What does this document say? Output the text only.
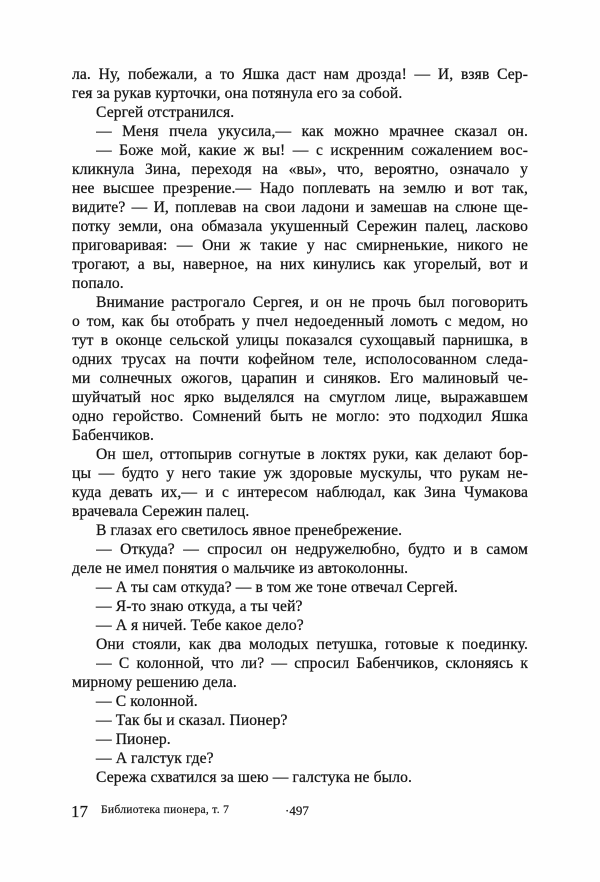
ла. Ну, побежали, а то Яшка даст нам дрозда! — И, взяв Сер-
гея за рукав курточки, она потянула его за собой.
Сергей отстранился.
— Меня пчела укусила,— как можно мрачнее сказал он.
— Боже мой, какие ж вы! — с искренним сожалением вос-
кликнула Зина, переходя на «вы», что, вероятно, означало у
нее высшее презрение.— Надо поплевать на землю и вот так,
видите? — И, поплевав на свои ладони и замешав на слюне ще-
потку земли, она обмазала укушенный Сережин палец, ласково
приговаривая: — Они ж такие у нас смирненькие, никого не
трогают, а вы, наверное, на них кинулись как угорелый, вот и
попало.
Внимание растрогало Сергея, и он не прочь был поговорить
о том, как бы отобрать у пчел недоеденный ломоть с медом, но
тут в оконце сельской улицы показался сухощавый парнишка, в
одних трусах на почти кофейном теле, исполосованном следа-
ми солнечных ожогов, царапин и синяков. Его малиновый че-
шуйчатый нос ярко выделялся на смуглом лице, выражавшем
одно геройство. Сомнений быть не могло: это подходил Яшка
Бабенчиков.
Он шел, оттопырив согнутые в локтях руки, как делают бор-
цы — будто у него такие уж здоровые мускулы, что рукам не-
куда девать их,— и с интересом наблюдал, как Зина Чумакова
врачевала Сережин палец.
В глазах его светилось явное пренебрежение.
— Откуда? — спросил он недружелюбно, будто и в самом
деле не имел понятия о мальчике из автоколонны.
— А ты сам откуда? — в том же тоне отвечал Сергей.
— Я-то знаю откуда, а ты чей?
— А я ничей. Тебе какое дело?
Они стояли, как два молодых петушка, готовые к поединку.
— С колонной, что ли? — спросил Бабенчиков, склоняясь к
мирному решению дела.
— С колонной.
— Так бы и сказал. Пионер?
— Пионер.
— А галстук где?
Сережа схватился за шею — галстука не было.
17 Библиотека пионера, т. 7	·497
